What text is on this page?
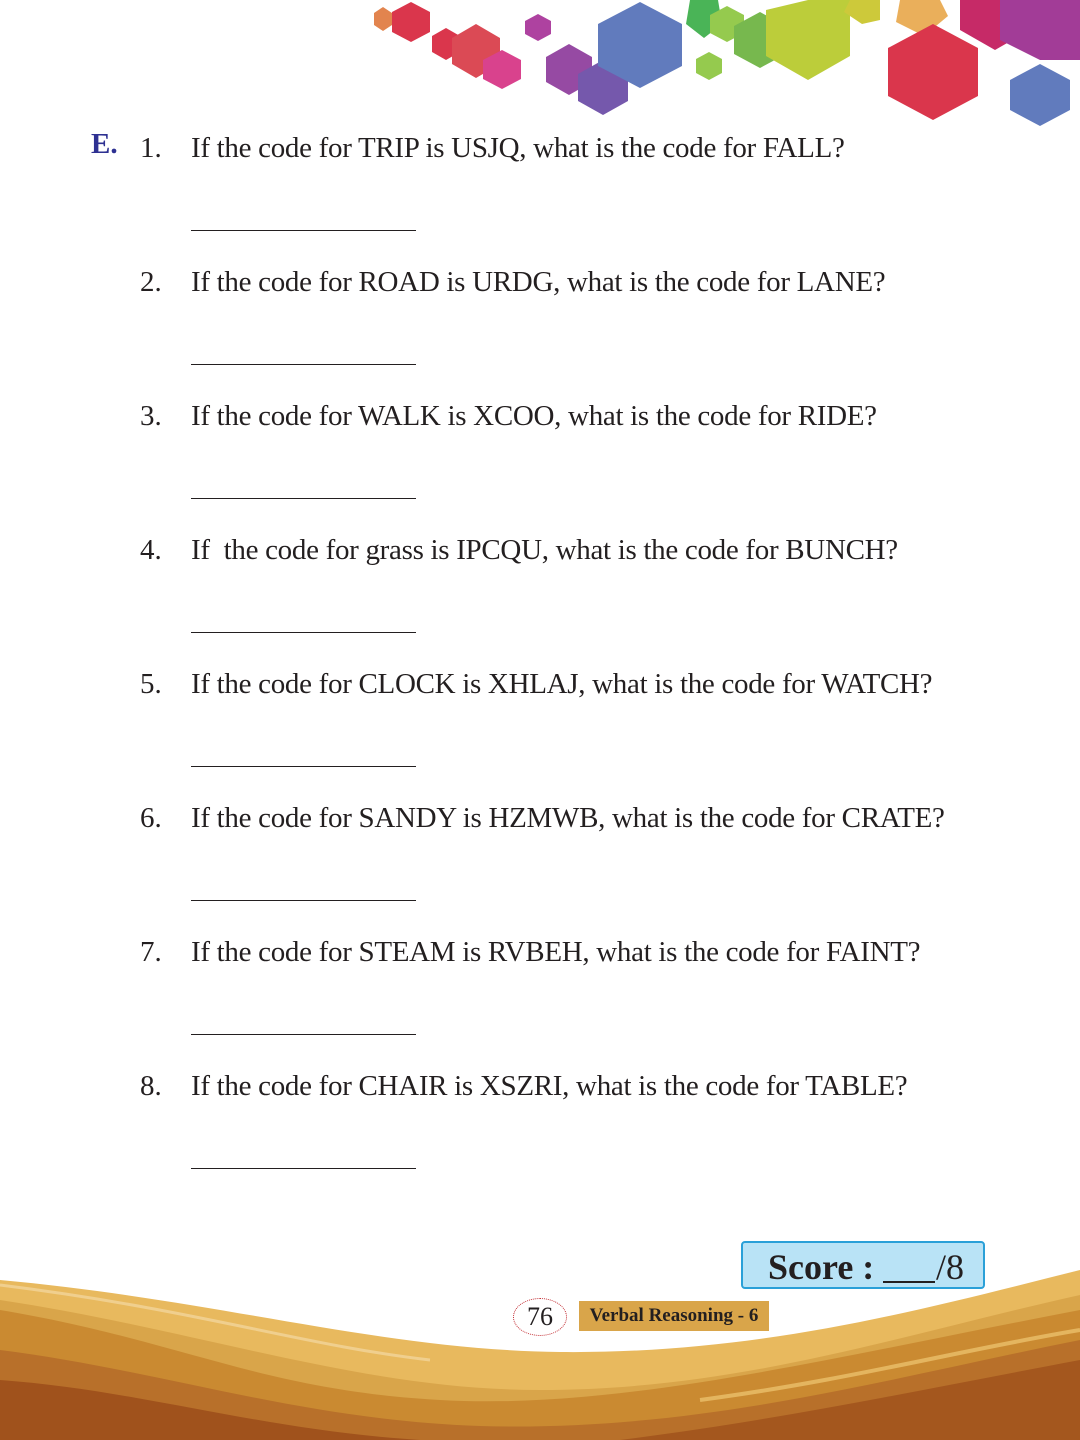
E. 1. If the code for TRIP is USJQ, what is the code for FALL?
2. If the code for ROAD is URDG, what is the code for LANE?
3. If the code for WALK is XCOO, what is the code for RIDE?
4. If  the code for grass is IPCQU, what is the code for BUNCH?
5. If the code for CLOCK is XHLAJ, what is the code for WATCH?
6. If the code for SANDY is HZMWB, what is the code for CRATE?
7. If the code for STEAM is RVBEH, what is the code for FAINT?
8. If the code for CHAIR is XSZRI, what is the code for TABLE?
Score : /8
76	Verbal Reasoning - 6
